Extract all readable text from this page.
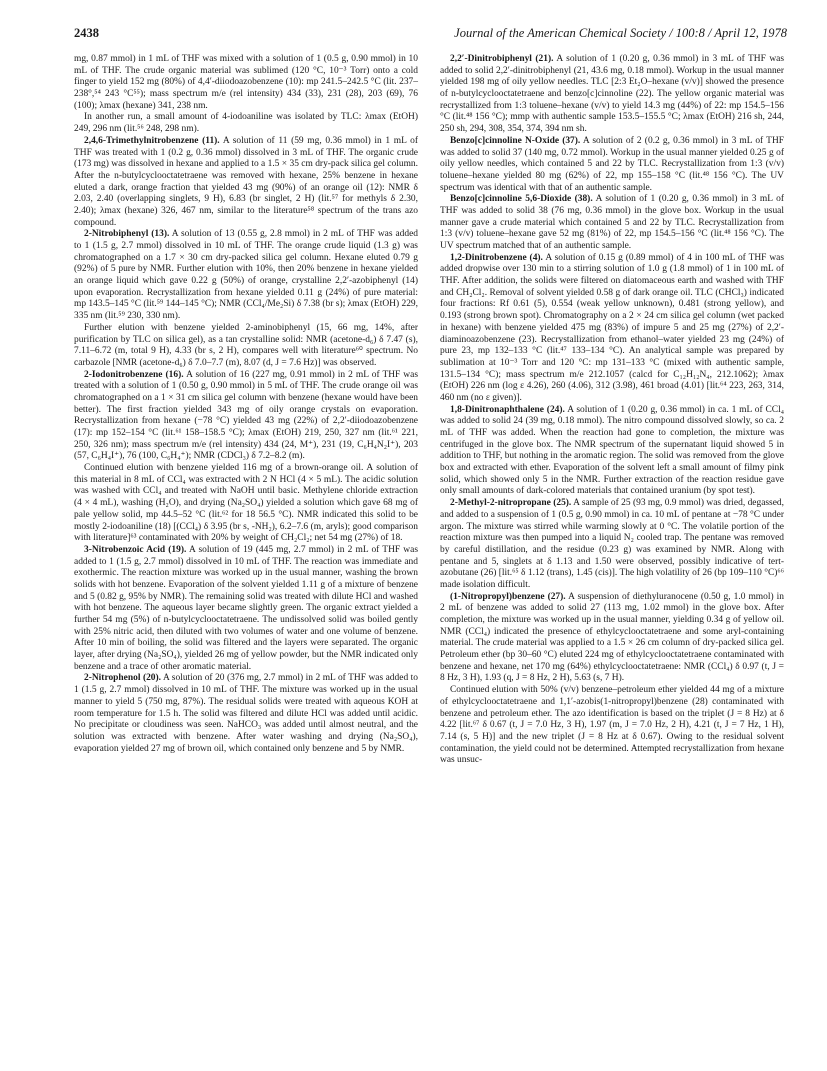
2438	Journal of the American Chemical Society / 100:8 / April 12, 1978

mg, 0.87 mmol) in 1 mL of THF was mixed with a solution of 1 (0.5 g, 0.90 mmol) in 10 mL of THF. The crude organic material was sublimed (120 °C, 10⁻³ Torr) onto a cold finger to yield 152 mg (80%) of 4,4′-diiodoazobenzene (10): mp 241.5–242.5 °C (lit. 237–238°,⁵⁴ 243 °C⁵⁵); mass spectrum m/e (rel intensity) 434 (33), 231 (28), 203 (69), 76 (100); λmax (hexane) 341, 238 nm.

In another run, a small amount of 4-iodoaniline was isolated by TLC: λmax (EtOH) 249, 296 nm (lit.⁵⁶ 248, 298 nm).

2,4,6-Trimethylnitrobenzene (11). A solution of 11 (59 mg, 0.36 mmol) in 1 mL of THF was treated with 1 (0.2 g, 0.36 mmol) dissolved in 3 mL of THF. The organic crude (173 mg) was dissolved in hexane and applied to a 1.5 × 35 cm dry-pack silica gel column. After the n-butylcyclooctatetraene was removed with hexane, 25% benzene in hexane eluted a dark, orange fraction that yielded 43 mg (90%) of an orange oil (12): NMR δ 2.03, 2.40 (overlapping singlets, 9 H), 6.83 (br singlet, 2 H) (lit.⁵⁷ for methyls δ 2.30, 2.40); λmax (hexane) 326, 467 nm, similar to the literature⁵⁸ spectrum of the trans azo compound.

2-Nitrobiphenyl (13). A solution of 13 (0.55 g, 2.8 mmol) in 2 mL of THF was added to 1 (1.5 g, 2.7 mmol) dissolved in 10 mL of THF. The orange crude liquid (1.3 g) was chromatographed on a 1.7 × 30 cm dry-packed silica gel column. Hexane eluted 0.79 g (92%) of 5 pure by NMR. Further elution with 10%, then 20% benzene in hexane yielded an orange liquid which gave 0.22 g (50%) of orange, crystalline 2,2′-azobiphenyl (14) upon evaporation. Recrystallization from hexane yielded 0.11 g (24%) of pure material: mp 143.5–145 °C (lit.⁵⁹ 144–145 °C); NMR (CCl₄/Me₂Si) δ 7.38 (br s); λmax (EtOH) 229, 335 nm (lit.⁵⁹ 230, 330 nm).

Further elution with benzene yielded 2-aminobiphenyl (15, 66 mg, 14%, after purification by TLC on silica gel), as a tan crystalline solid: NMR (acetone-d₆) δ 7.47 (s), 7.11–6.72 (m, total 9 H), 4.33 (br s, 2 H), compares well with literature⁶⁰ spectrum. No carbazole [NMR (acetone-d₆) δ 7.0–7.7 (m), 8.07 (d, J = 7.6 Hz)] was observed.

2-Iodonitrobenzene (16). A solution of 16 (227 mg, 0.91 mmol) in 2 mL of THF was treated with a solution of 1 (0.50 g, 0.90 mmol) in 5 mL of THF. The crude orange oil was chromatographed on a 1 × 31 cm silica gel column with benzene (hexane would have been better). The first fraction yielded 343 mg of oily orange crystals on evaporation. Recrystallization from hexane (−78 °C) yielded 43 mg (22%) of 2,2′-diiodoazobenzene (17): mp 152–154 °C (lit.⁶¹ 158–158.5 °C); λmax (EtOH) 219, 250, 327 nm (lit.⁶¹ 221, 250, 326 nm); mass spectrum m/e (rel intensity) 434 (24, M⁺), 231 (19, C₆H₄N₂I⁺), 203 (57, C₆H₄I⁺), 76 (100, C₆H₄⁺); NMR (CDCl₃) δ 7.2–8.2 (m).

Continued elution with benzene yielded 116 mg of a brown-orange oil. A solution of this material in 8 mL of CCl₄ was extracted with 2 N HCl (4 × 5 mL). The acidic solution was washed with CCl₄ and treated with NaOH until basic. Methylene chloride extraction (4 × 4 mL), washing (H₂O), and drying (Na₂SO₄) yielded a solution which gave 68 mg of pale yellow solid, mp 44.5–52 °C (lit.⁶² for 18 56.5 °C). NMR indicated this solid to be mostly 2-iodoaniline (18) [(CCl₄) δ 3.95 (br s, -NH₂), 6.2–7.6 (m, aryls); good comparison with literature]⁶³ contaminated with 20% by weight of CH₂Cl₂; net 54 mg (27%) of 18.

3-Nitrobenzoic Acid (19). A solution of 19 (445 mg, 2.7 mmol) in 2 mL of THF was added to 1 (1.5 g, 2.7 mmol) dissolved in 10 mL of THF. The reaction was immediate and exothermic. The reaction mixture was worked up in the usual manner, washing the brown solids with hot benzene. Evaporation of the solvent yielded 1.11 g of a mixture of benzene and 5 (0.82 g, 95% by NMR). The remaining solid was treated with dilute HCl and washed with hot benzene. The aqueous layer became slightly green. The organic extract yielded a further 54 mg (5%) of n-butylcyclooctatetraene. The undissolved solid was boiled gently with 25% nitric acid, then diluted with two volumes of water and one volume of benzene. After 10 min of boiling, the solid was filtered and the layers were separated. The organic layer, after drying (Na₂SO₄), yielded 26 mg of yellow powder, but the NMR indicated only benzene and a trace of other aromatic material.

2-Nitrophenol (20). A solution of 20 (376 mg, 2.7 mmol) in 2 mL of THF was added to 1 (1.5 g, 2.7 mmol) dissolved in 10 mL of THF. The mixture was worked up in the usual manner to yield 5 (750 mg, 87%). The residual solids were treated with aqueous KOH at room temperature for 1.5 h. The solid was filtered and dilute HCl was added until acidic. No precipitate or cloudiness was seen. NaHCO₃ was added until almost neutral, and the solution was extracted with benzene. After water washing and drying (Na₂SO₄), evaporation yielded 27 mg of brown oil, which contained only benzene and 5 by NMR.

2,2′-Dinitrobiphenyl (21). A solution of 1 (0.20 g, 0.36 mmol) in 3 mL of THF was added to solid 2,2′-dinitrobiphenyl (21, 43.6 mg, 0.18 mmol). Workup in the usual manner yielded 198 mg of oily yellow needles. TLC [2:3 Et₂O–hexane (v/v)] showed the presence of n-butylcyclooctatetraene and benzo[c]cinnoline (22). The yellow organic material was recrystallized from 1:3 toluene–hexane (v/v) to yield 14.3 mg (44%) of 22: mp 154.5–156 °C (lit.⁴⁸ 156 °C); mmp with authentic sample 153.5–155.5 °C; λmax (EtOH) 216 sh, 244, 250 sh, 294, 308, 354, 374, 394 nm sh.

Benzo[c]cinnoline N-Oxide (37). A solution of 2 (0.2 g, 0.36 mmol) in 3 mL of THF was added to solid 37 (140 mg, 0.72 mmol). Workup in the usual manner yielded 0.25 g of oily yellow needles, which contained 5 and 22 by TLC. Recrystallization from 1:3 (v/v) toluene–hexane yielded 80 mg (62%) of 22, mp 155–158 °C (lit.⁴⁸ 156 °C). The UV spectrum was identical with that of an authentic sample.

Benzo[c]cinnoline 5,6-Dioxide (38). A solution of 1 (0.20 g, 0.36 mmol) in 3 mL of THF was added to solid 38 (76 mg, 0.36 mmol) in the glove box. Workup in the usual manner gave a crude material which contained 5 and 22 by TLC. Recrystallization from 1:3 (v/v) toluene–hexane gave 52 mg (81%) of 22, mp 154.5–156 °C (lit.⁴⁸ 156 °C). The UV spectrum matched that of an authentic sample.

1,2-Dinitrobenzene (4). A solution of 0.15 g (0.89 mmol) of 4 in 100 mL of THF was added dropwise over 130 min to a stirring solution of 1.0 g (1.8 mmol) of 1 in 100 mL of THF. After addition, the solids were filtered on diatomaceous earth and washed with THF and CH₂Cl₂. Removal of solvent yielded 0.58 g of dark orange oil. TLC (CHCl₃) indicated four fractions: Rf 0.61 (5), 0.554 (weak yellow unknown), 0.481 (strong yellow), and 0.193 (strong brown spot). Chromatography on a 2 × 24 cm silica gel column (wet packed in hexane) with benzene yielded 475 mg (83%) of impure 5 and 25 mg (27%) of 2,2′-diaminoazobenzene (23). Recrystallization from ethanol–water yielded 23 mg (24%) of pure 23, mp 132–133 °C (lit.⁴⁷ 133–134 °C). An analytical sample was prepared by sublimation at 10⁻³ Torr and 120 °C: mp 131–133 °C (mixed with authentic sample, 131.5–134 °C); mass spectrum m/e 212.1057 (calcd for C₁₂H₁₂N₄, 212.1062); λmax (EtOH) 226 nm (log ε 4.26), 260 (4.06), 312 (3.98), 461 broad (4.01) [lit.⁶⁴ 223, 263, 314, 460 nm (no ε given)].

1,8-Dinitronaphthalene (24). A solution of 1 (0.20 g, 0.36 mmol) in ca. 1 mL of CCl₄ was added to solid 24 (39 mg, 0.18 mmol). The nitro compound dissolved slowly, so ca. 2 mL of THF was added. When the reaction had gone to completion, the mixture was centrifuged in the glove box. The NMR spectrum of the supernatant liquid showed 5 in addition to THF, but nothing in the aromatic region. The solid was removed from the glove box and extracted with ether. Evaporation of the solvent left a small amount of filmy pink solid, which showed only 5 in the NMR. Further extraction of the reaction residue gave only small amounts of dark-colored materials that contained uranium (by spot test).

2-Methyl-2-nitropropane (25). A sample of 25 (93 mg, 0.9 mmol) was dried, degassed, and added to a suspension of 1 (0.5 g, 0.90 mmol) in ca. 10 mL of pentane at −78 °C under argon. The mixture was stirred while warming slowly at 0 °C. The volatile portion of the reaction mixture was then pumped into a liquid N₂ cooled trap. The pentane was removed by careful distillation, and the residue (0.23 g) was examined by NMR. Along with pentane and 5, singlets at δ 1.13 and 1.50 were observed, possibly indicative of tert-azobutane (26) [lit.⁶⁵ δ 1.12 (trans), 1.45 (cis)]. The high volatility of 26 (bp 109–110 °C)⁶⁶ made isolation difficult.

(1-Nitropropyl)benzene (27). A suspension of diethyluranocene (0.50 g, 1.0 mmol) in 2 mL of benzene was added to solid 27 (113 mg, 1.02 mmol) in the glove box. After completion, the mixture was worked up in the usual manner, yielding 0.34 g of yellow oil. NMR (CCl₄) indicated the presence of ethylcyclooctatetraene and some aryl-containing material. The crude material was applied to a 1.5 × 26 cm column of dry-packed silica gel. Petroleum ether (bp 30–60 °C) eluted 224 mg of ethylcyclooctatetraene contaminated with benzene and hexane, net 170 mg (64%) ethylcyclooctatetraene: NMR (CCl₄) δ 0.97 (t, J = 8 Hz, 3 H), 1.93 (q, J = 8 Hz, 2 H), 5.63 (s, 7 H).

Continued elution with 50% (v/v) benzene–petroleum ether yielded 44 mg of a mixture of ethylcyclooctatetraene and 1,1′-azobis(1-nitropropyl)benzene (28) contaminated with benzene and petroleum ether. The azo identification is based on the triplet (J = 8 Hz) at δ 4.22 [lit.⁶⁷ δ 0.67 (t, J = 7.0 Hz, 3 H), 1.97 (m, J = 7.0 Hz, 2 H), 4.21 (t, J = 7 Hz, 1 H), 7.14 (s, 5 H)] and the new triplet (J = 8 Hz at δ 0.67). Owing to the residual solvent contamination, the yield could not be determined. Attempted recrystallization from hexane was unsuc-
